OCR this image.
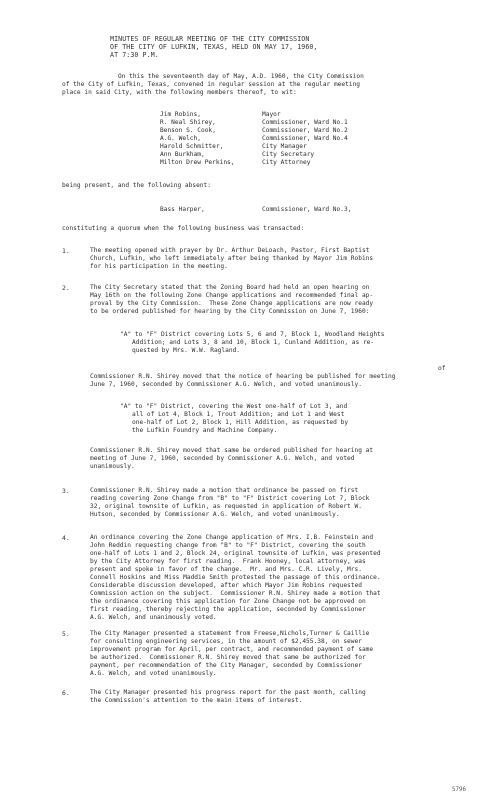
MINUTES OF REGULAR MEETING OF THE CITY COMMISSION
OF THE CITY OF LUFKIN, TEXAS, HELD ON MAY 17, 1960,
AT 7:30 P.M.
On this the seventeenth day of May, A.D. 1960, the City Commission
of the City of Lufkin, Texas, convened in regular session at the regular meeting
place in said City, with the following members thereof, to wit:
Jim Robins,	Mayor
R. Neal Shirey,	Commissioner, Ward No.1
Benson S. Cook,	Commissioner, Ward No.2
A.G. Welch,	Commissioner, Ward No.4
Harold Schmitter,	City Manager
Ann Burkham,	City Secretary
Milton Drew Perkins,	City Attorney
being present, and the following absent:
Bass Harper,	Commissioner, Ward No.3,
constituting a quorum when the following business was transacted:
1.	The meeting opened with prayer by Dr. Arthur DeLoach, Pastor, First Baptist
Church, Lufkin, who left immediately after being thanked by Mayor Jim Robins
for his participation in the meeting.
2.	The City Secretary stated that the Zoning Board had held an open hearing on
May 16th on the following Zone Change applications and recommended final ap-
proval by the City Commission.  These Zone Change applications are now ready
to be ordered published for hearing by the City Commission on June 7, 1960:
"A" to "F" District covering Lots 5, 6 and 7, Block 1, Woodland Heights
Addition; and Lots 3, 8 and 10, Block 1, Cunland Addition, as re-
quested by Mrs. W.W. Ragland.
of
Commissioner R.N. Shirey moved that the notice of hearing be published for meeting
June 7, 1960, seconded by Commissioner A.G. Welch, and voted unanimously.
"A" to "F" District, covering the West one-half of Lot 3, and
all of Lot 4, Block 1, Trout Addition; and Lot 1 and West
one-half of Lot 2, Block 1, Hill Addition, as requested by
the Lufkin Foundry and Machine Company.
Commissioner R.N. Shirey moved that same be ordered published for hearing at
meeting of June 7, 1960, seconded by Commissioner A.G. Welch, and voted
unanimously.
3.	Commissioner R.N. Shirey made a motion that ordinance be passed on first
reading covering Zone Change from "B" to "F" District covering Lot 7, Block
32, original townsite of Lufkin, as requested in application of Robert W.
Hutson, seconded by Commissioner A.G. Welch, and voted unanimously.
4.	An ordinance covering the Zone Change application of Mrs. I.B. Feinstein and
John Reddin requesting change from "B" to "F" District, covering the south
one-half of Lots 1 and 2, Block 24, original townsite of Lufkin, was presented
by the City Attorney for first reading.  Frank Hooney, local attorney, was
present and spoke in favor of the change.  Mr. and Mrs. C.R. Lively, Mrs.
Connell Hoskins and Miss Maddie Smith protested the passage of this ordinance.
Considerable discussion developed, after which Mayor Jim Robins requested
Commission action on the subject.  Commissioner R.N. Shirey made a motion that
the ordinance covering this application for Zone Change not be approved on
first reading, thereby rejecting the application, seconded by Commissioner
A.G. Welch, and unanimously voted.
5.	The City Manager presented a statement from Freese,Nichols,Turner & Caillie
for consulting engineering services, in the amount of $2,455.38, on sewer
improvement program for April, per contract, and recommended payment of same
be authorized.  Commissioner R.N. Shirey moved that same be authorized for
payment, per recommendation of the City Manager, seconded by Commissioner
A.G. Welch, and voted unanimously.
6.	The City Manager presented his progress report for the past month, calling
the Commission's attention to the main items of interest.
5796
